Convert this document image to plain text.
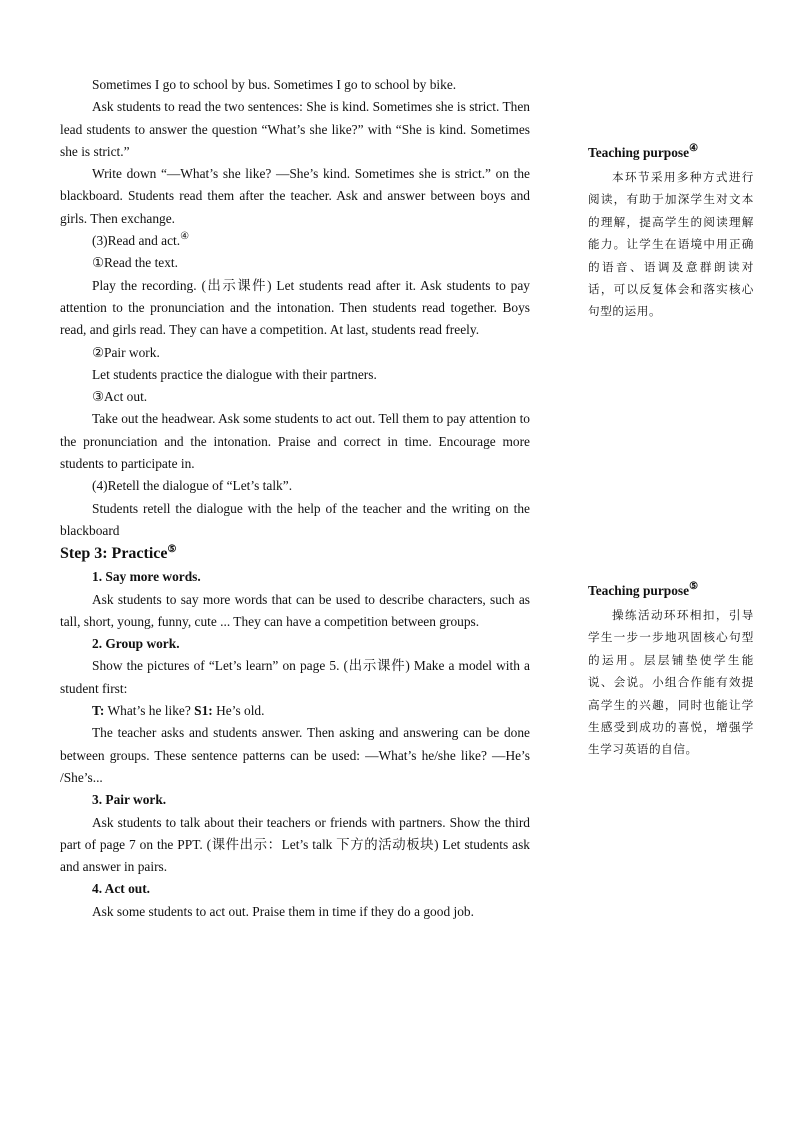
Sometimes I go to school by bus. Sometimes I go to school by bike.

Ask students to read the two sentences: She is kind. Sometimes she is strict. Then lead students to answer the question “What’s she like?” with “She is kind. Sometimes she is strict.”

Write down “—What’s she like? —She’s kind. Sometimes she is strict.” on the blackboard. Students read them after the teacher. Ask and answer between boys and girls. Then exchange.

(3)Read and act.④

①Read the text.

Play the recording. (出示课件) Let students read after it. Ask students to pay attention to the pronunciation and the intonation. Then students read together. Boys read, and girls read. They can have a competition. At last, students read freely.

②Pair work.

Let students practice the dialogue with their partners.

③Act out.

Take out the headwear. Ask some students to act out. Tell them to pay attention to the pronunciation and the intonation. Praise and correct in time. Encourage more students to participate in.

(4)Retell the dialogue of “Let’s talk”.

Students retell the dialogue with the help of the teacher and the writing on the blackboard

Step 3: Practice⑤

1. Say more words.

Ask students to say more words that can be used to describe characters, such as tall, short, young, funny, cute ... They can have a competition between groups.

2. Group work.

Show the pictures of “Let’s learn” on page 5. (出示课件) Make a model with a student first:

T: What’s he like? S1: He’s old.

The teacher asks and students answer. Then asking and answering can be done between groups. These sentence patterns can be used: —What’s he/she like? —He’s /She’s...

3. Pair work.

Ask students to talk about their teachers or friends with partners. Show the third part of page 7 on the PPT. (课件出示：Let’s talk 下方的活动板块) Let students ask and answer in pairs.

4. Act out.

Ask some students to act out. Praise them in time if they do a good job.

Teaching purpose④

本环节采用多种方式进行阅读，有助于加深学生对文本的理解，提高学生的阅读理解能力。让学生在语境中用正确的语音、语调及意群朗读对话，可以反复体会和落实核心句型的运用。

Teaching purpose⑤

操练活动环环相扣，引导学生一步一步地巩固核心句型的运用。层层铺垫使学生能说、会说。小组合作能有效提高学生的兴趣，同时也能让学生感受到成功的喜悦，增强学生学习英语的自信。
